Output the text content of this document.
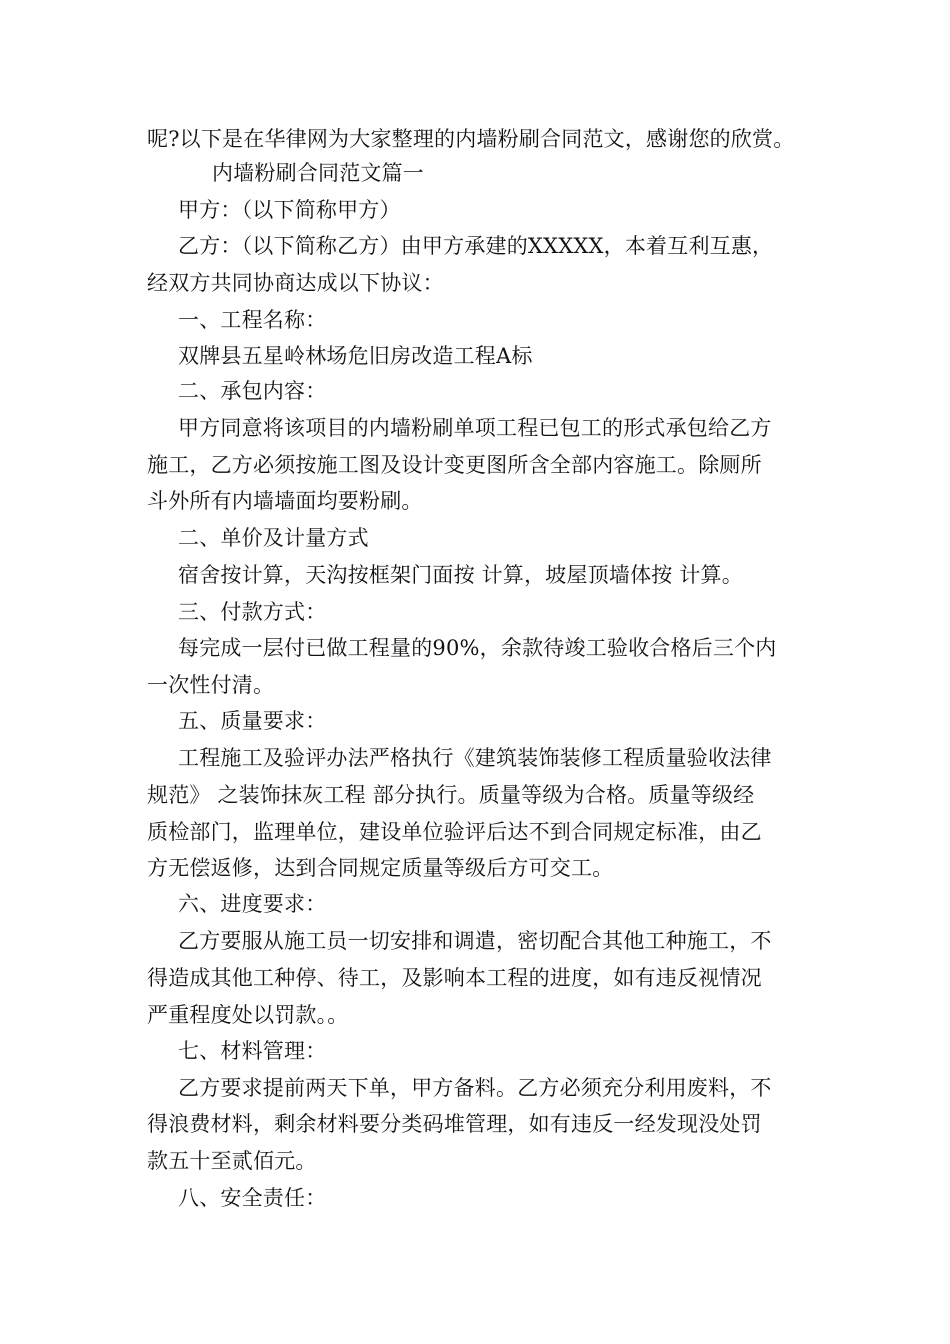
呢?以下是在华律网为大家整理的内墙粉刷合同范文，感谢您的欣赏。
内墙粉刷合同范文篇一
甲方：（以下简称甲方）
乙方：（以下简称乙方）由甲方承建的XXXXX，本着互利互惠，
经双方共同协商达成以下协议：
一、工程名称：
双牌县五星岭林场危旧房改造工程A标
二、承包内容：
甲方同意将该项目的内墙粉刷单项工程已包工的形式承包给乙方
施工，乙方必须按施工图及设计变更图所含全部内容施工。除厕所
斗外所有内墙墙面均要粉刷。
二、单价及计量方式
宿舍按计算，天沟按框架门面按 计算，坡屋顶墙体按 计算。
三、付款方式：
每完成一层付已做工程量的90%，余款待竣工验收合格后三个内
一次性付清。
五、质量要求：
工程施工及验评办法严格执行《建筑装饰装修工程质量验收法律
规范》 之装饰抹灰工程 部分执行。质量等级为合格。质量等级经
质检部门，监理单位，建设单位验评后达不到合同规定标准，由乙
方无偿返修，达到合同规定质量等级后方可交工。
六、进度要求：
乙方要服从施工员一切安排和调遣，密切配合其他工种施工，不
得造成其他工种停、待工，及影响本工程的进度，如有违反视情况
严重程度处以罚款。。
七、材料管理：
乙方要求提前两天下单，甲方备料。乙方必须充分利用废料，不
得浪费材料，剩余材料要分类码堆管理，如有违反一经发现没处罚
款五十至贰佰元。
八、安全责任：
